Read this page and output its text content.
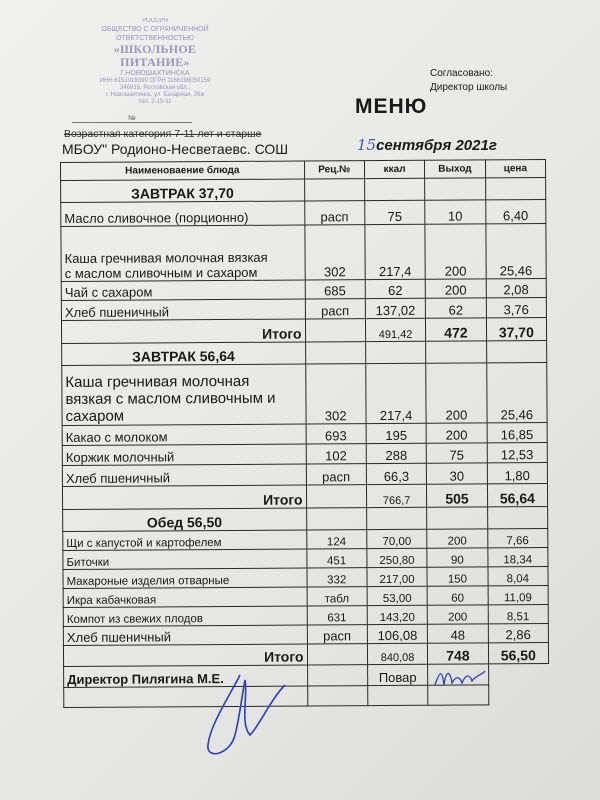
РОССИЯ
ОБЩЕСТВО С ОГРАНИЧЕННОЙ
ОТВЕТСТВЕННОСТЬЮ
«ШКОЛЬНОЕ ПИТАНИЕ»
Г.НОВОШАХТИНСКА
ИНН 6151019390 ОГРН 1166196050159
346918, Ростовская обл.,
г. Новошахтинск, ул. Базарная, 26ж
тел. 2-15-11
№
Согласовано:
Директор школы
МЕНЮ
Возрастная категория 7-11 лет и старше
МБОУ" Родионо-Несветаевс. СОШ	15сентября 2021г
Наименоваение блюда	Рец.№	ккал	Выход	цена
ЗАВТРАК 37,70				
Масло сливочное (порционно)	расп	75	10	6,40
Каша гречнивая молочная вязкая
с маслом сливочным и сахаром	302	217,4	200	25,46
Чай с сахаром	685	62	200	2,08
Хлеб пшеничный	расп	137,02	62	3,76
Итого		491,42	472	37,70
ЗАВТРАК 56,64				
Каша гречнивая молочная
вязкая с маслом сливочным и
сахаром	302	217,4	200	25,46
Какао с молоком	693	195	200	16,85
Коржик молочный	102	288	75	12,53
Хлеб пшеничный	расп	66,3	30	1,80
Итого		766,7	505	56,64
Обед 56,50				
Щи с капустой и картофелем	124	70,00	200	7,66
Биточки	451	250,80	90	18,34
Макароные изделия отварные	332	217,00	150	8,04
Икра кабачковая	табл	53,00	60	11,09
Компот из свежих плодов	631	143,20	200	8,51
Хлеб пшеничный	расп	106,08	48	2,86
Итого		840,08	748	56,50
Директор Пилягина М.Е.		Повар		
